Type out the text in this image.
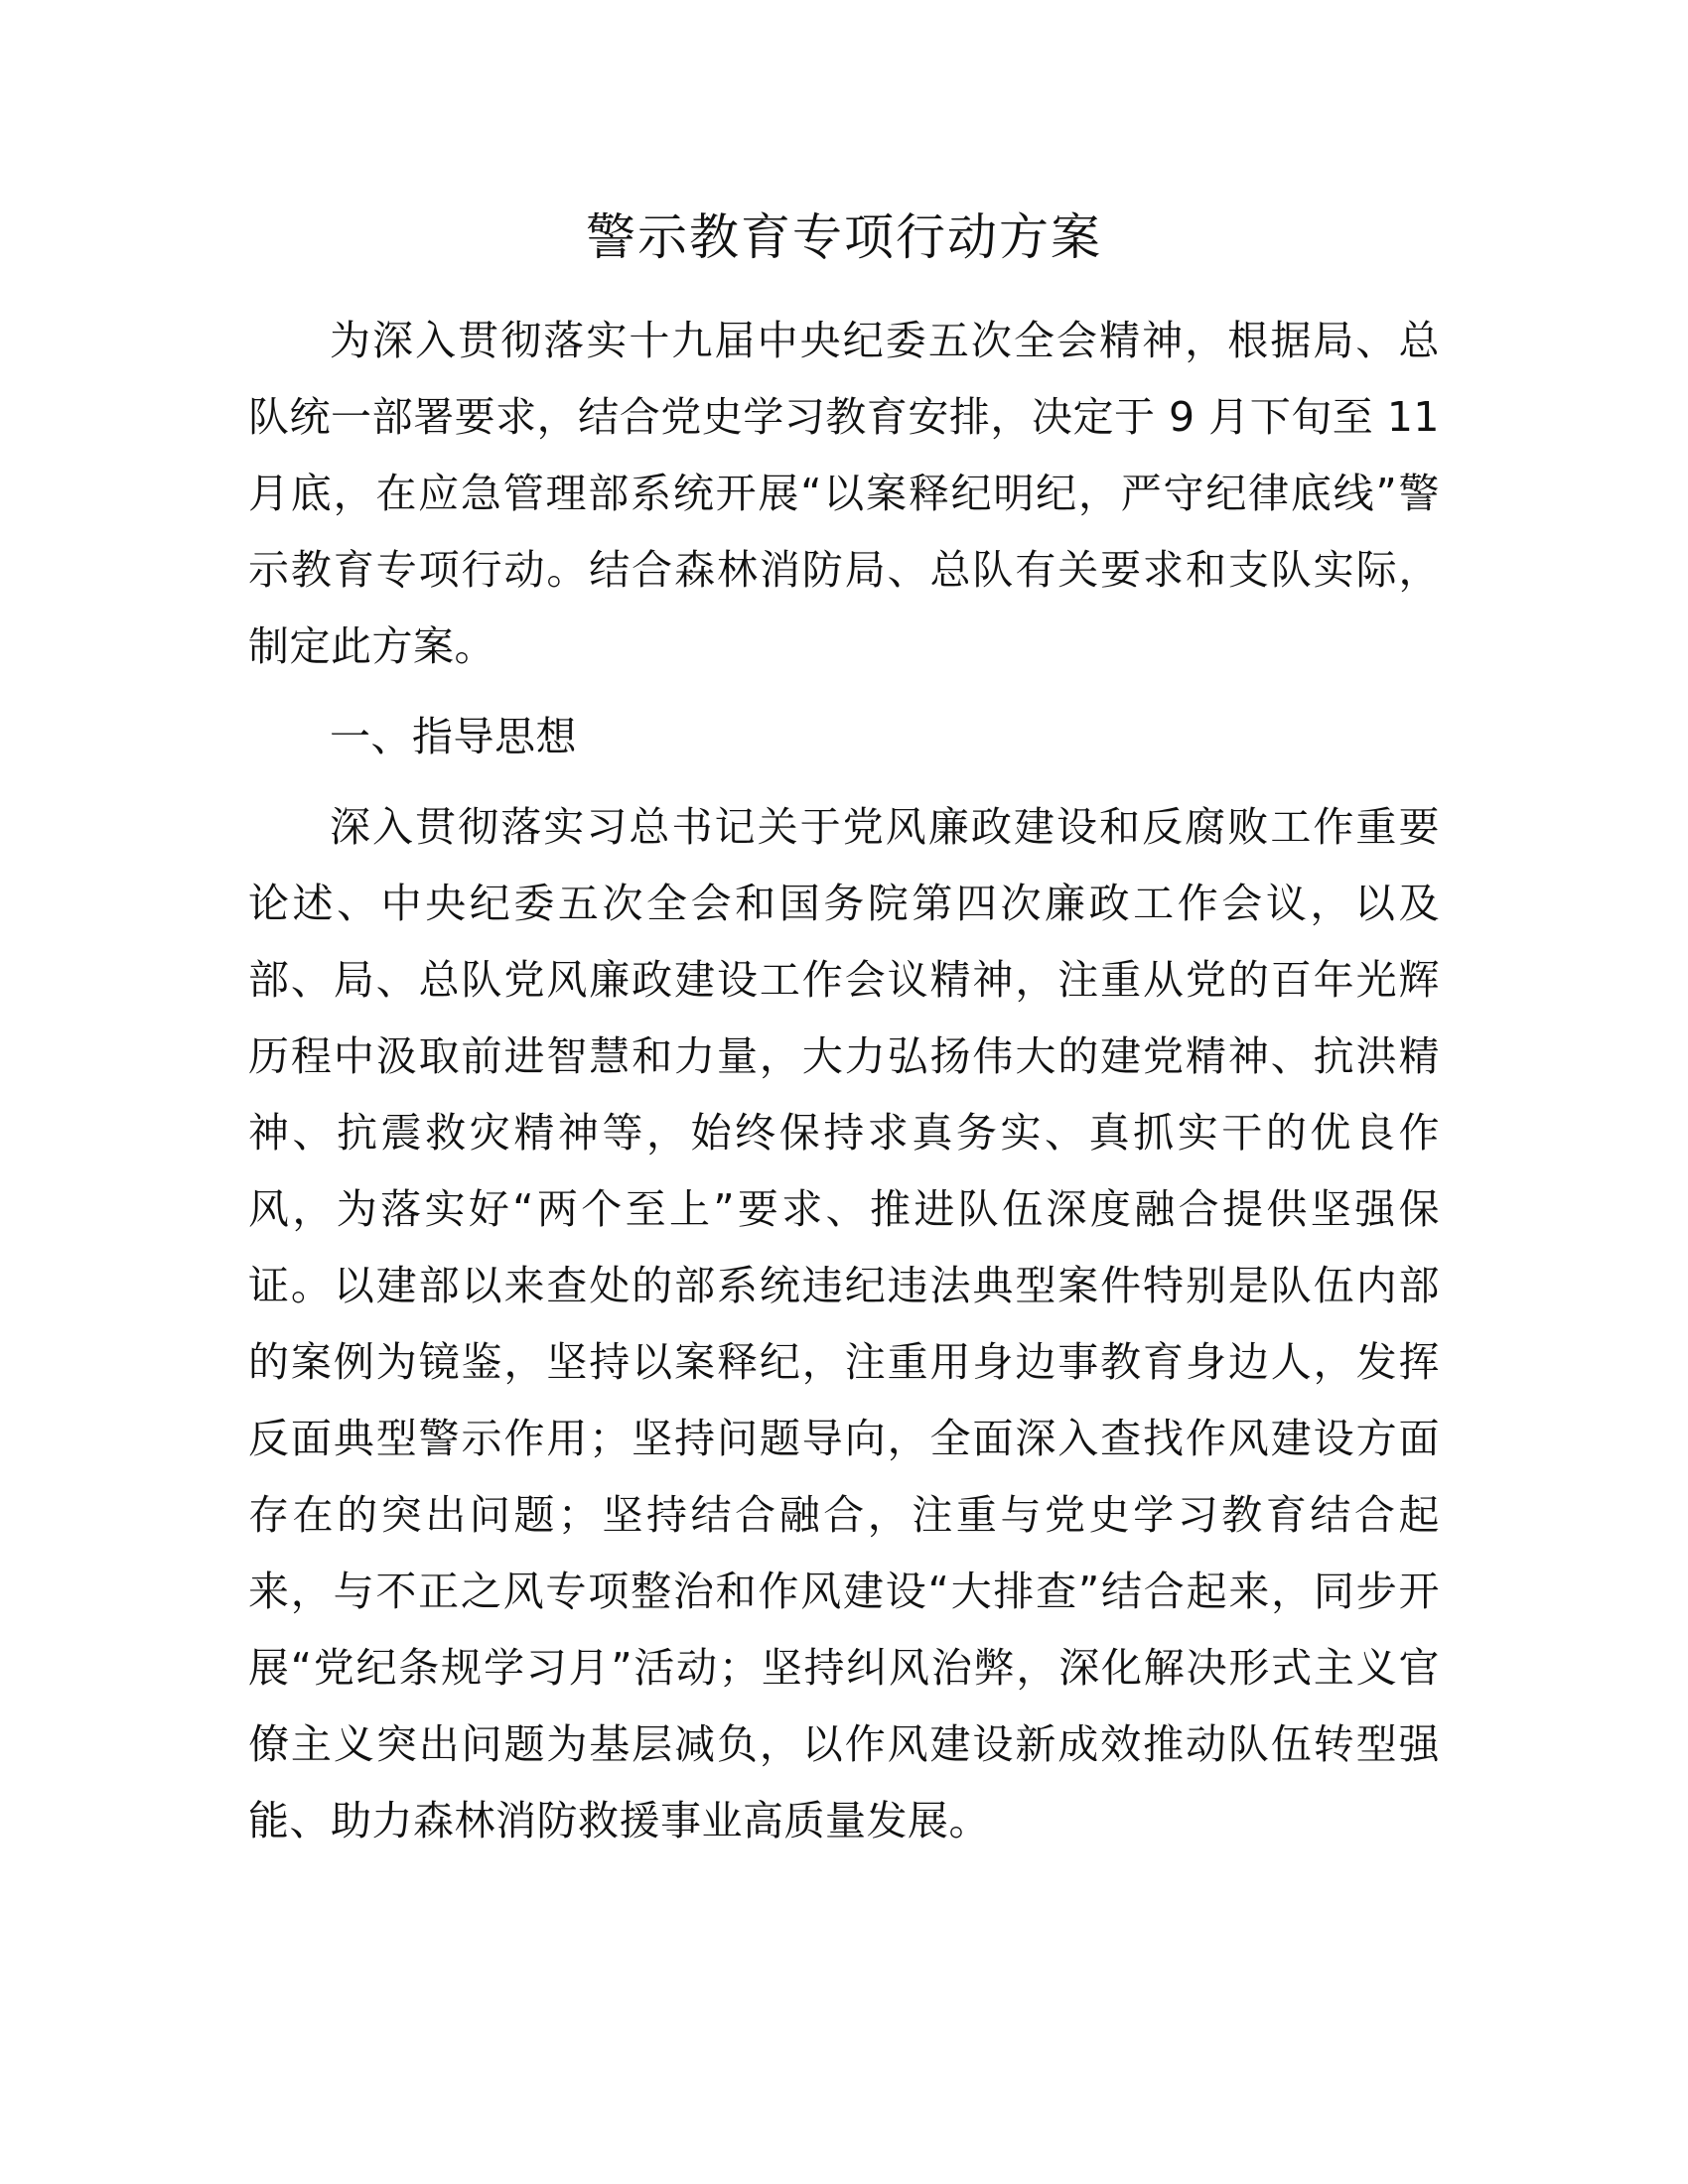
警示教育专项行动方案

为深入贯彻落实十九届中央纪委五次全会精神，根据局、总队统一部署要求，结合党史学习教育安排，决定于 9 月下旬至 11 月底，在应急管理部系统开展“以案释纪明纪，严守纪律底线”警示教育专项行动。结合森林消防局、总队有关要求和支队实际，制定此方案。

一、指导思想

深入贯彻落实习总书记关于党风廉政建设和反腐败工作重要论述、中央纪委五次全会和国务院第四次廉政工作会议，以及部、局、总队党风廉政建设工作会议精神，注重从党的百年光辉历程中汲取前进智慧和力量，大力弘扬伟大的建党精神、抗洪精神、抗震救灾精神等，始终保持求真务实、真抓实干的优良作风，为落实好“两个至上”要求、推进队伍深度融合提供坚强保证。以建部以来查处的部系统违纪违法典型案件特别是队伍内部的案例为镜鉴，坚持以案释纪，注重用身边事教育身边人，发挥反面典型警示作用；坚持问题导向，全面深入查找作风建设方面存在的突出问题；坚持结合融合，注重与党史学习教育结合起来，与不正之风专项整治和作风建设“大排查”结合起来，同步开展“党纪条规学习月”活动；坚持纠风治弊，深化解决形式主义官僚主义突出问题为基层减负，以作风建设新成效推动队伍转型强能、助力森林消防救援事业高质量发展。
